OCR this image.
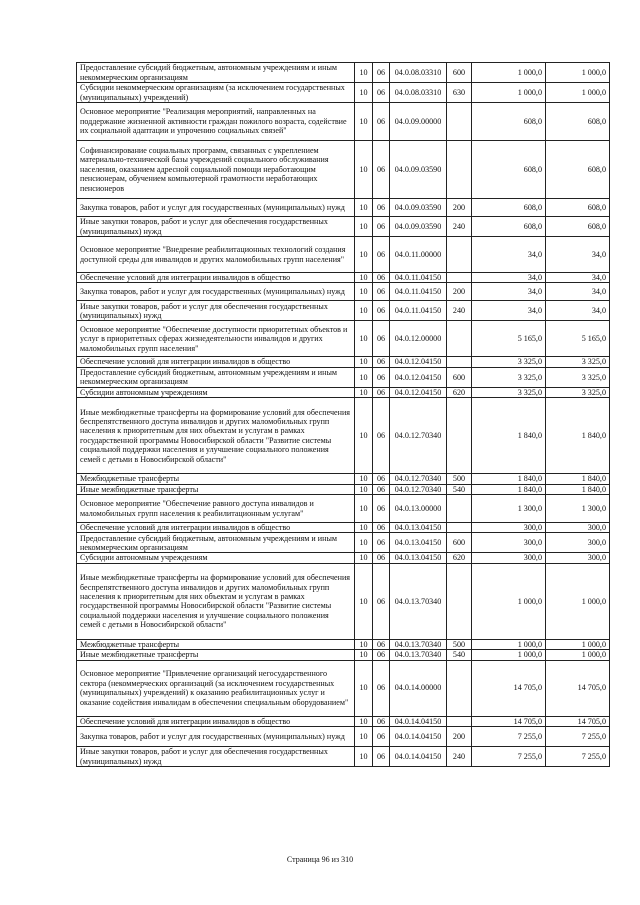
Предоставление субсидий бюджетным, автономным учреждениям и иным некоммерческим организациям	10	06	04.0.08.03310	600	1 000,0	1 000,0
Субсидии некоммерческим организациям (за исключением государственных (муниципальных) учреждений)	10	06	04.0.08.03310	630	1 000,0	1 000,0
Основное мероприятие "Реализация мероприятий, направленных на поддержание жизненной активности граждан пожилого возраста, содействие их социальной адаптации и упрочению социальных связей"	10	06	04.0.09.00000		608,0	608,0
Софинансирование социальных программ, связанных с укреплением материально-технической базы учреждений социального обслуживания населения, оказанием адресной социальной помощи неработающим пенсионерам, обучением компьютерной грамотности неработающих пенсионеров	10	06	04.0.09.03590		608,0	608,0
Закупка товаров, работ и услуг для государственных (муниципальных) нужд	10	06	04.0.09.03590	200	608,0	608,0
Иные закупки товаров, работ и услуг для обеспечения государственных (муниципальных) нужд	10	06	04.0.09.03590	240	608,0	608,0
Основное мероприятие "Внедрение реабилитационных технологий создания доступной среды для инвалидов и других маломобильных групп населения"	10	06	04.0.11.00000		34,0	34,0
Обеспечение условий для интеграции инвалидов в общество	10	06	04.0.11.04150		34,0	34,0
Закупка товаров, работ и услуг для государственных (муниципальных) нужд	10	06	04.0.11.04150	200	34,0	34,0
Иные закупки товаров, работ и услуг для обеспечения государственных (муниципальных) нужд	10	06	04.0.11.04150	240	34,0	34,0
Основное мероприятие "Обеспечение доступности приоритетных объектов и услуг в приоритетных сферах жизнедеятельности инвалидов и других маломобильных групп населения"	10	06	04.0.12.00000		5 165,0	5 165,0
Обеспечение условий для интеграции инвалидов в общество	10	06	04.0.12.04150		3 325,0	3 325,0
Предоставление субсидий бюджетным, автономным учреждениям и иным некоммерческим организациям	10	06	04.0.12.04150	600	3 325,0	3 325,0
Субсидии автономным учреждениям	10	06	04.0.12.04150	620	3 325,0	3 325,0
Иные межбюджетные трансферты на формирование условий для обеспечения беспрепятственного доступа инвалидов и других маломобильных групп населения к приоритетным для них объектам и услугам в рамках государственной программы Новосибирской области "Развитие системы социальной поддержки населения и улучшение социального положения семей с детьми в Новосибирской области"	10	06	04.0.12.70340		1 840,0	1 840,0
Межбюджетные трансферты	10	06	04.0.12.70340	500	1 840,0	1 840,0
Иные межбюджетные трансферты	10	06	04.0.12.70340	540	1 840,0	1 840,0
Основное мероприятие "Обеспечение равного доступа инвалидов и маломобильных групп населения к реабилитационным услугам"	10	06	04.0.13.00000		1 300,0	1 300,0
Обеспечение условий для интеграции инвалидов в общество	10	06	04.0.13.04150		300,0	300,0
Предоставление субсидий бюджетным, автономным учреждениям и иным некоммерческим организациям	10	06	04.0.13.04150	600	300,0	300,0
Субсидии автономным учреждениям	10	06	04.0.13.04150	620	300,0	300,0
Иные межбюджетные трансферты на формирование условий для обеспечения беспрепятственного доступа инвалидов и других маломобильных групп населения к приоритетным для них объектам и услугам в рамках государственной программы Новосибирской области "Развитие системы социальной поддержки населения и улучшение социального положения семей с детьми в Новосибирской области"	10	06	04.0.13.70340		1 000,0	1 000,0
Межбюджетные трансферты	10	06	04.0.13.70340	500	1 000,0	1 000,0
Иные межбюджетные трансферты	10	06	04.0.13.70340	540	1 000,0	1 000,0
Основное мероприятие "Привлечение организаций негосударственного сектора (некоммерческих организаций (за исключением государственных (муниципальных) учреждений) к оказанию реабилитационных услуг и оказание содействия инвалидам в обеспечении специальным оборудованием"	10	06	04.0.14.00000		14 705,0	14 705,0
Обеспечение условий для интеграции инвалидов в общество	10	06	04.0.14.04150		14 705,0	14 705,0
Закупка товаров, работ и услуг для государственных (муниципальных) нужд	10	06	04.0.14.04150	200	7 255,0	7 255,0
Иные закупки товаров, работ и услуг для обеспечения государственных (муниципальных) нужд	10	06	04.0.14.04150	240	7 255,0	7 255,0
Страница 96 из 310
